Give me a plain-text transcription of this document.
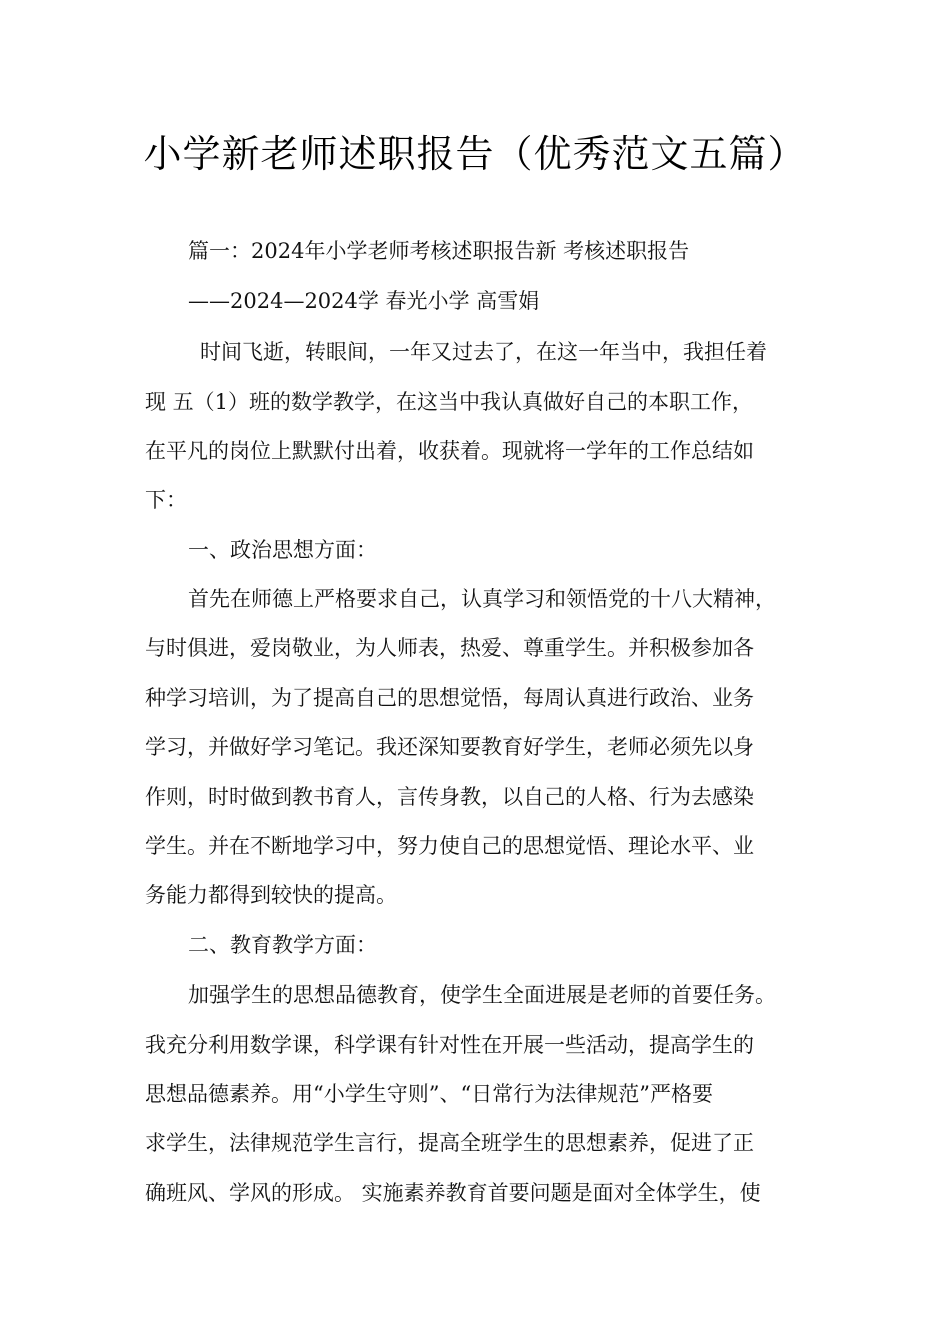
小学新老师述职报告（优秀范文五篇）
篇一：2024年小学老师考核述职报告新 考核述职报告
——2024—2024学 春光小学 高雪娟
时间飞逝，转眼间，一年又过去了，在这一年当中，我担任着
现 五（1）班的数学教学，在这当中我认真做好自己的本职工作，
在平凡的岗位上默默付出着，收获着。现就将一学年的工作总结如
下：
一、政治思想方面：
首先在师德上严格要求自己，认真学习和领悟党的十八大精神，
与时俱进，爱岗敬业，为人师表，热爱、尊重学生。并积极参加各
种学习培训，为了提高自己的思想觉悟，每周认真进行政治、业务
学习，并做好学习笔记。我还深知要教育好学生，老师必须先以身
作则，时时做到教书育人，言传身教，以自己的人格、行为去感染
学生。并在不断地学习中，努力使自己的思想觉悟、理论水平、业
务能力都得到较快的提高。
二、教育教学方面：
加强学生的思想品德教育，使学生全面进展是老师的首要任务。
我充分利用数学课，科学课有针对性在开展一些活动，提高学生的
思想品德素养。用“小学生守则”、“日常行为法律规范”严格要
求学生，法律规范学生言行，提高全班学生的思想素养，促进了正
确班风、学风的形成。 实施素养教育首要问题是面对全体学生，使
